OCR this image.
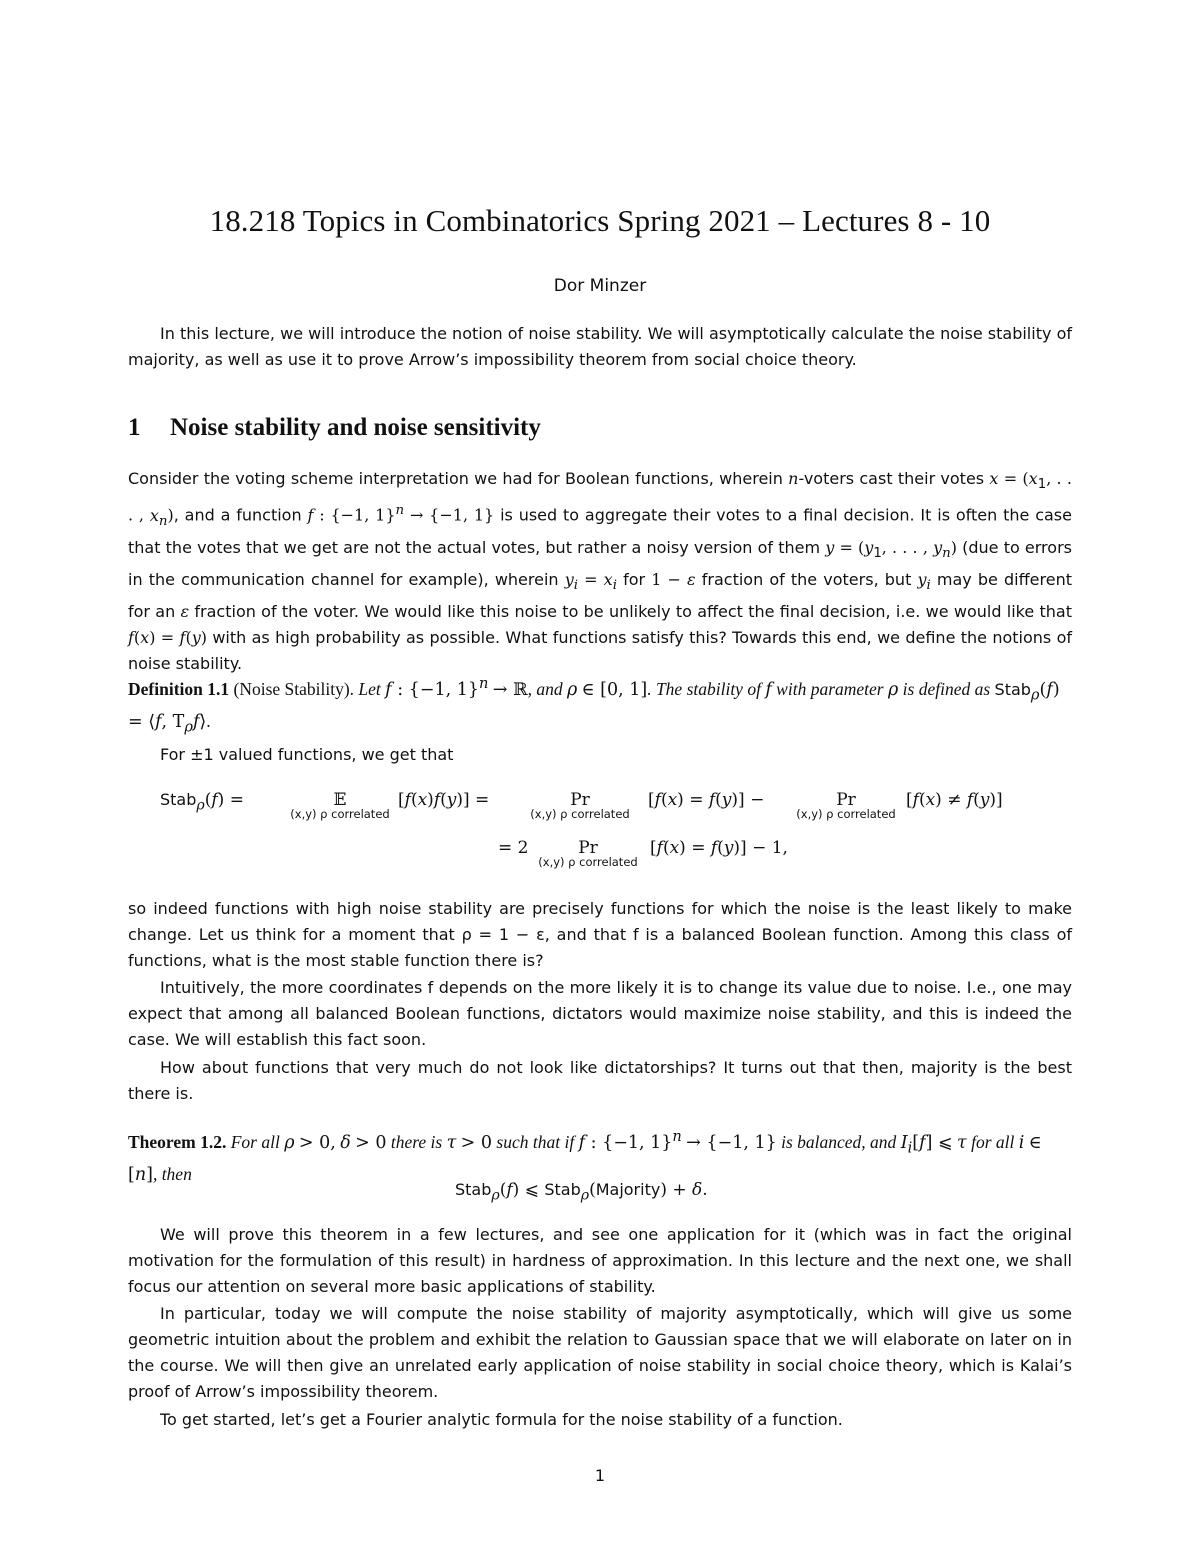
18.218 Topics in Combinatorics Spring 2021 – Lectures 8 - 10
Dor Minzer
In this lecture, we will introduce the notion of noise stability. We will asymptotically calculate the noise stability of majority, as well as use it to prove Arrow’s impossibility theorem from social choice theory.
1 Noise stability and noise sensitivity
Consider the voting scheme interpretation we had for Boolean functions, wherein n-voters cast their votes $x = (x_1$, . . . , $x_n$), and a function f : {−1, 1}$^n$ → {−1, 1} is used to aggregate their votes to a final decision. It is often the case that the votes that we get are not the actual votes, but rather a noisy version of them $y = (y_1$, . . . , $y_n$) (due to errors in the communication channel for example), wherein $y_i = x_i$ for 1 − ε fraction of the voters, but $y_i$ may be different for an ε fraction of the voter. We would like this noise to be unlikely to affect the final decision, i.e. we would like that f(x) = f(y) with as high probability as possible. What functions satisfy this? Towards this end, we define the notions of noise stability.
Definition 1.1 (Noise Stability). Let f : {−1, 1}$^n$ → ℝ, and ρ ∈ [0, 1]. The stability of f with parameter ρ is defined as Stab$_\rho$(f) = ⟨f, $T_\rho f⟩$.
For ±1 valued functions, we get that
Stab$_\rho$(f) =	𝔼
(x,y) ρ correlated
[f(x)f(y)] =	Pr
(x,y) ρ correlated
[f(x) = f(y)] −	Pr
(x,y) ρ correlated
[f(x) ≠ f(y)]
= 2	Pr
(x,y) ρ correlated
[f(x) = f(y)] − 1,
so indeed functions with high noise stability are precisely functions for which the noise is the least likely to make change. Let us think for a moment that ρ = 1 − ε, and that f is a balanced Boolean function. Among this class of functions, what is the most stable function there is?
Intuitively, the more coordinates f depends on the more likely it is to change its value due to noise. I.e., one may expect that among all balanced Boolean functions, dictators would maximize noise stability, and this is indeed the case. We will establish this fact soon.
How about functions that very much do not look like dictatorships? It turns out that then, majority is the best there is.
Theorem 1.2. For all ρ > 0, δ > 0 there is τ > 0 such that if f : {−1, 1}$^n$ → {−1, 1} is balanced, and $I_i[f]$ ⩽ τ for all i ∈ [n], then
Stab$_\rho$(f) ⩽ Stab$_\rho$(Majority) + δ.
We will prove this theorem in a few lectures, and see one application for it (which was in fact the original motivation for the formulation of this result) in hardness of approximation. In this lecture and the next one, we shall focus our attention on several more basic applications of stability.
In particular, today we will compute the noise stability of majority asymptotically, which will give us some geometric intuition about the problem and exhibit the relation to Gaussian space that we will elaborate on later on in the course. We will then give an unrelated early application of noise stability in social choice theory, which is Kalai’s proof of Arrow’s impossibility theorem.
To get started, let’s get a Fourier analytic formula for the noise stability of a function.
1
